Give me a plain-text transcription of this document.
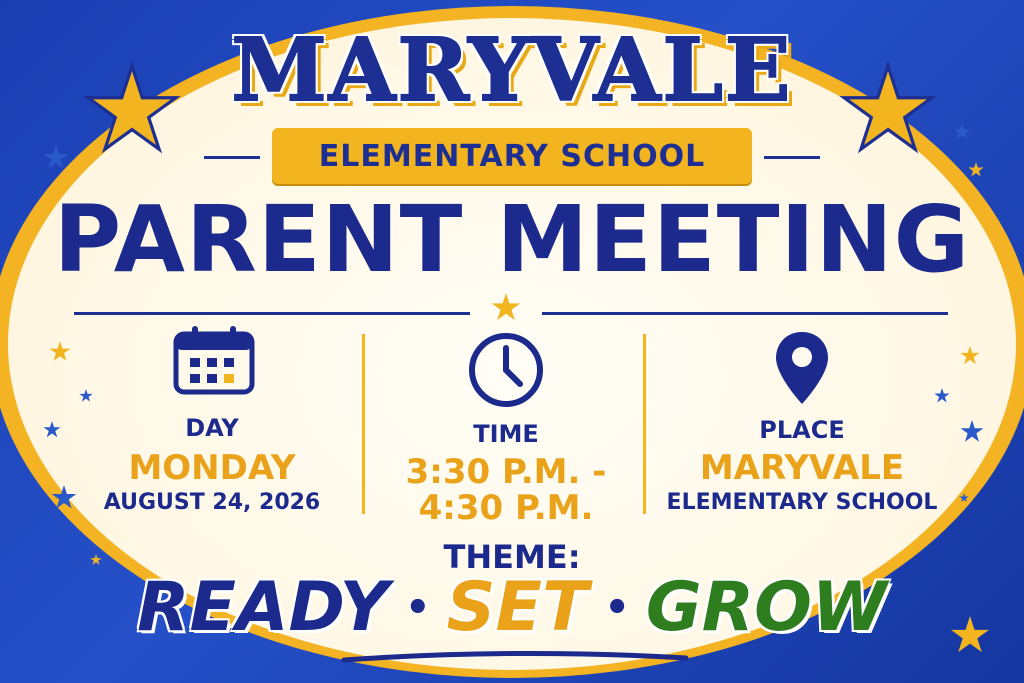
MARYVALE
ELEMENTARY SCHOOL
PARENT MEETING
DAY
MONDAY
AUGUST 24, 2026
TIME
3:30 P.M. -
4:30 P.M.
PLACE
MARYVALE
ELEMENTARY SCHOOL
THEME:
READY • SET • GROW
